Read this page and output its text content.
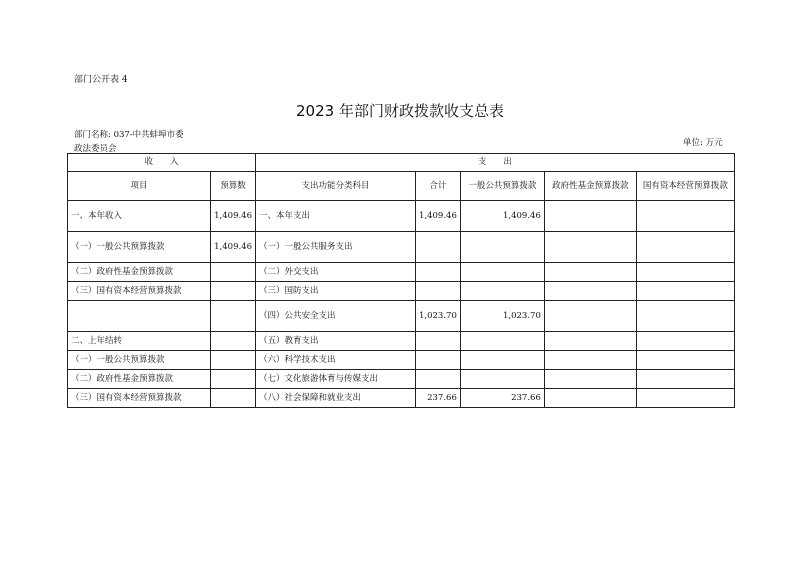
部门公开表 4
2023 年部门财政拨款收支总表
部门名称: 037-中共蚌埠市委
政法委员会
单位: 万元
收　　入		支　　出				
项目	预算数	支出功能分类科目	合计	一般公共预算拨款	政府性基金预算拨款	国有资本经营预算拨款
一、本年收入	1,409.46	一、本年支出	1,409.46	1,409.46		
（一）一般公共预算拨款	1,409.46	（一）一般公共服务支出				
（二）政府性基金预算拨款		（二）外交支出				
（三）国有资本经营预算拨款		（三）国防支出				
		（四）公共安全支出	1,023.70	1,023.70		
二、上年结转		（五）教育支出				
（一）一般公共预算拨款		（六）科学技术支出				
（二）政府性基金预算拨款		（七）文化旅游体育与传媒支出				
（三）国有资本经营预算拨款		（八）社会保障和就业支出	237.66	237.66		
